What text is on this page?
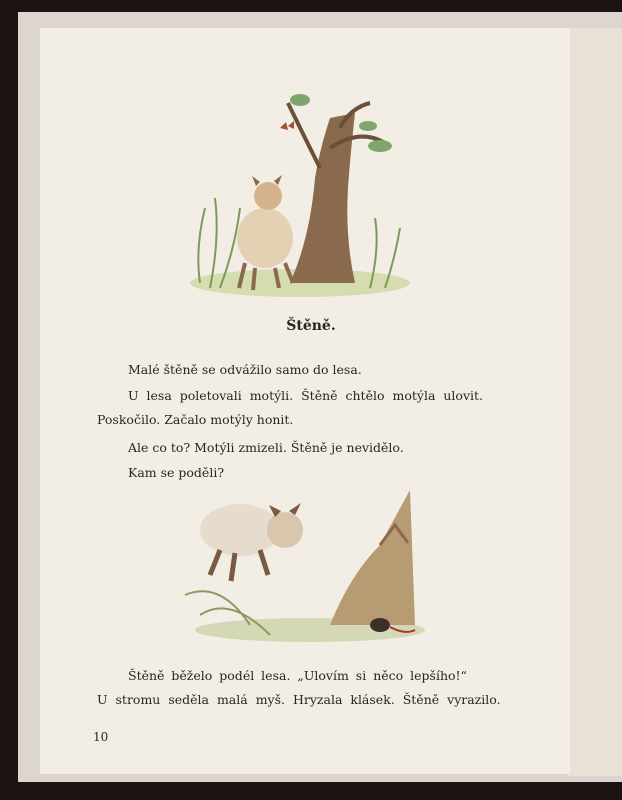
Štěně.
Malé štěně se odvážilo samo do lesa.
U lesa poletovali motýli. Štěně chtělo motýla ulovit.
Poskočilo. Začalo motýly honit.
Ale co to? Motýli zmizeli. Štěně je nevidělo.
Kam se poděli?
Štěně běželo podél lesa. „Ulovím si něco lepšího!“
U stromu seděla malá myš. Hryzala klásek. Štěně vyrazilo.
10
